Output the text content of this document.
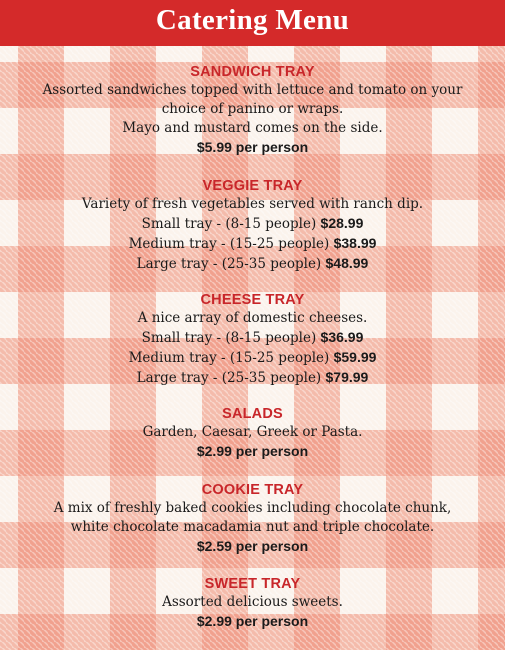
Catering Menu
SANDWICH TRAY
Assorted sandwiches topped with lettuce and tomato on your
choice of panino or wraps.
Mayo and mustard comes on the side.
$5.99 per person
VEGGIE TRAY
Variety of fresh vegetables served with ranch dip.
Small tray - (8-15 people) $28.99
Medium tray - (15-25 people) $38.99
Large tray - (25-35 people) $48.99
CHEESE TRAY
A nice array of domestic cheeses.
Small tray - (8-15 people) $36.99
Medium tray - (15-25 people) $59.99
Large tray - (25-35 people) $79.99
SALADS
Garden, Caesar, Greek or Pasta.
$2.99 per person
COOKIE TRAY
A mix of freshly baked cookies including chocolate chunk,
white chocolate macadamia nut and triple chocolate.
$2.59 per person
SWEET TRAY
Assorted delicious sweets.
$2.99 per person
